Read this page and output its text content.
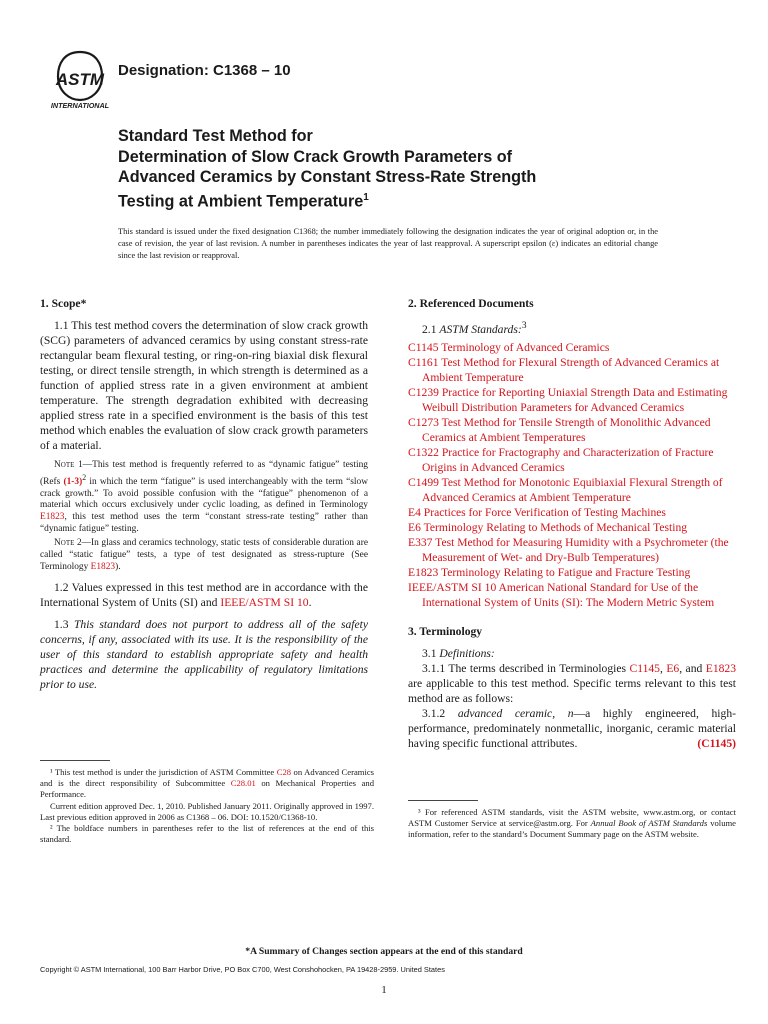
ASTM
INTERNATIONAL
Designation: C1368 – 10
Standard Test Method for
Determination of Slow Crack Growth Parameters of
Advanced Ceramics by Constant Stress-Rate Strength
Testing at Ambient Temperature$^1$
This standard is issued under the fixed designation C1368; the number immediately following the designation indicates the year of original adoption or, in the case of revision, the year of last revision. A number in parentheses indicates the year of last reapproval. A superscript epsilon (ε) indicates an editorial change since the last revision or reapproval.
1. Scope*

1.1 This test method covers the determination of slow crack growth (SCG) parameters of advanced ceramics by using constant stress-rate rectangular beam flexural testing, or ring-on-ring biaxial disk flexural testing, or direct tensile strength, in which strength is determined as a function of applied stress rate in a given environment at ambient temperature. The strength degradation exhibited with decreasing applied stress rate in a specified environment is the basis of this test method which enables the evaluation of slow crack growth parameters of a material.

Note 1—This test method is frequently referred to as “dynamic fatigue” testing (Refs $(1-3)^2$ in which the term “fatigue” is used interchangeably with the term “slow crack growth.” To avoid possible confusion with the “fatigue” phenomenon of a material which occurs exclusively under cyclic loading, as defined in Terminology E1823, this test method uses the term “constant stress-rate testing” rather than “dynamic fatigue” testing.

Note 2—In glass and ceramics technology, static tests of considerable duration are called “static fatigue” tests, a type of test designated as stress-rupture (See Terminology E1823).

1.2 Values expressed in this test method are in accordance with the International System of Units (SI) and IEEE/ASTM SI 10.

1.3 This standard does not purport to address all of the safety concerns, if any, associated with its use. It is the responsibility of the user of this standard to establish appropriate safety and health practices and determine the applicability of regulatory limitations prior to use.

¹ This test method is under the jurisdiction of ASTM Committee C28 on Advanced Ceramics and is the direct responsibility of Subcommittee C28.01 on Mechanical Properties and Performance.

Current edition approved Dec. 1, 2010. Published January 2011. Originally approved in 1997. Last previous edition approved in 2006 as C1368 – 06. DOI: 10.1520/C1368-10.

² The boldface numbers in parentheses refer to the list of references at the end of this standard.

2. Referenced Documents

2.1 ASTM Standards:$^3$

C1145 Terminology of Advanced Ceramics

C1161 Test Method for Flexural Strength of Advanced Ceramics at Ambient Temperature

C1239 Practice for Reporting Uniaxial Strength Data and Estimating Weibull Distribution Parameters for Advanced Ceramics

C1273 Test Method for Tensile Strength of Monolithic Advanced Ceramics at Ambient Temperatures

C1322 Practice for Fractography and Characterization of Fracture Origins in Advanced Ceramics

C1499 Test Method for Monotonic Equibiaxial Flexural Strength of Advanced Ceramics at Ambient Temperature

E4 Practices for Force Verification of Testing Machines

E6 Terminology Relating to Methods of Mechanical Testing

E337 Test Method for Measuring Humidity with a Psychrometer (the Measurement of Wet- and Dry-Bulb Temperatures)

E1823 Terminology Relating to Fatigue and Fracture Testing

IEEE/ASTM SI 10 American National Standard for Use of the International System of Units (SI): The Modern Metric System

3. Terminology

3.1 Definitions:

3.1.1 The terms described in Terminologies C1145, E6, and E1823 are applicable to this test method. Specific terms relevant to this test method are as follows:

3.1.2 advanced ceramic, n—a highly engineered, high-performance, predominately nonmetallic, inorganic, ceramic material having specific functional attributes.	(C1145)

³ For referenced ASTM standards, visit the ASTM website, www.astm.org, or contact ASTM Customer Service at service@astm.org. For Annual Book of ASTM Standards volume information, refer to the standard’s Document Summary page on the ASTM website.

*A Summary of Changes section appears at the end of this standard
Copyright © ASTM International, 100 Barr Harbor Drive, PO Box C700, West Conshohocken, PA 19428-2959. United States
1
